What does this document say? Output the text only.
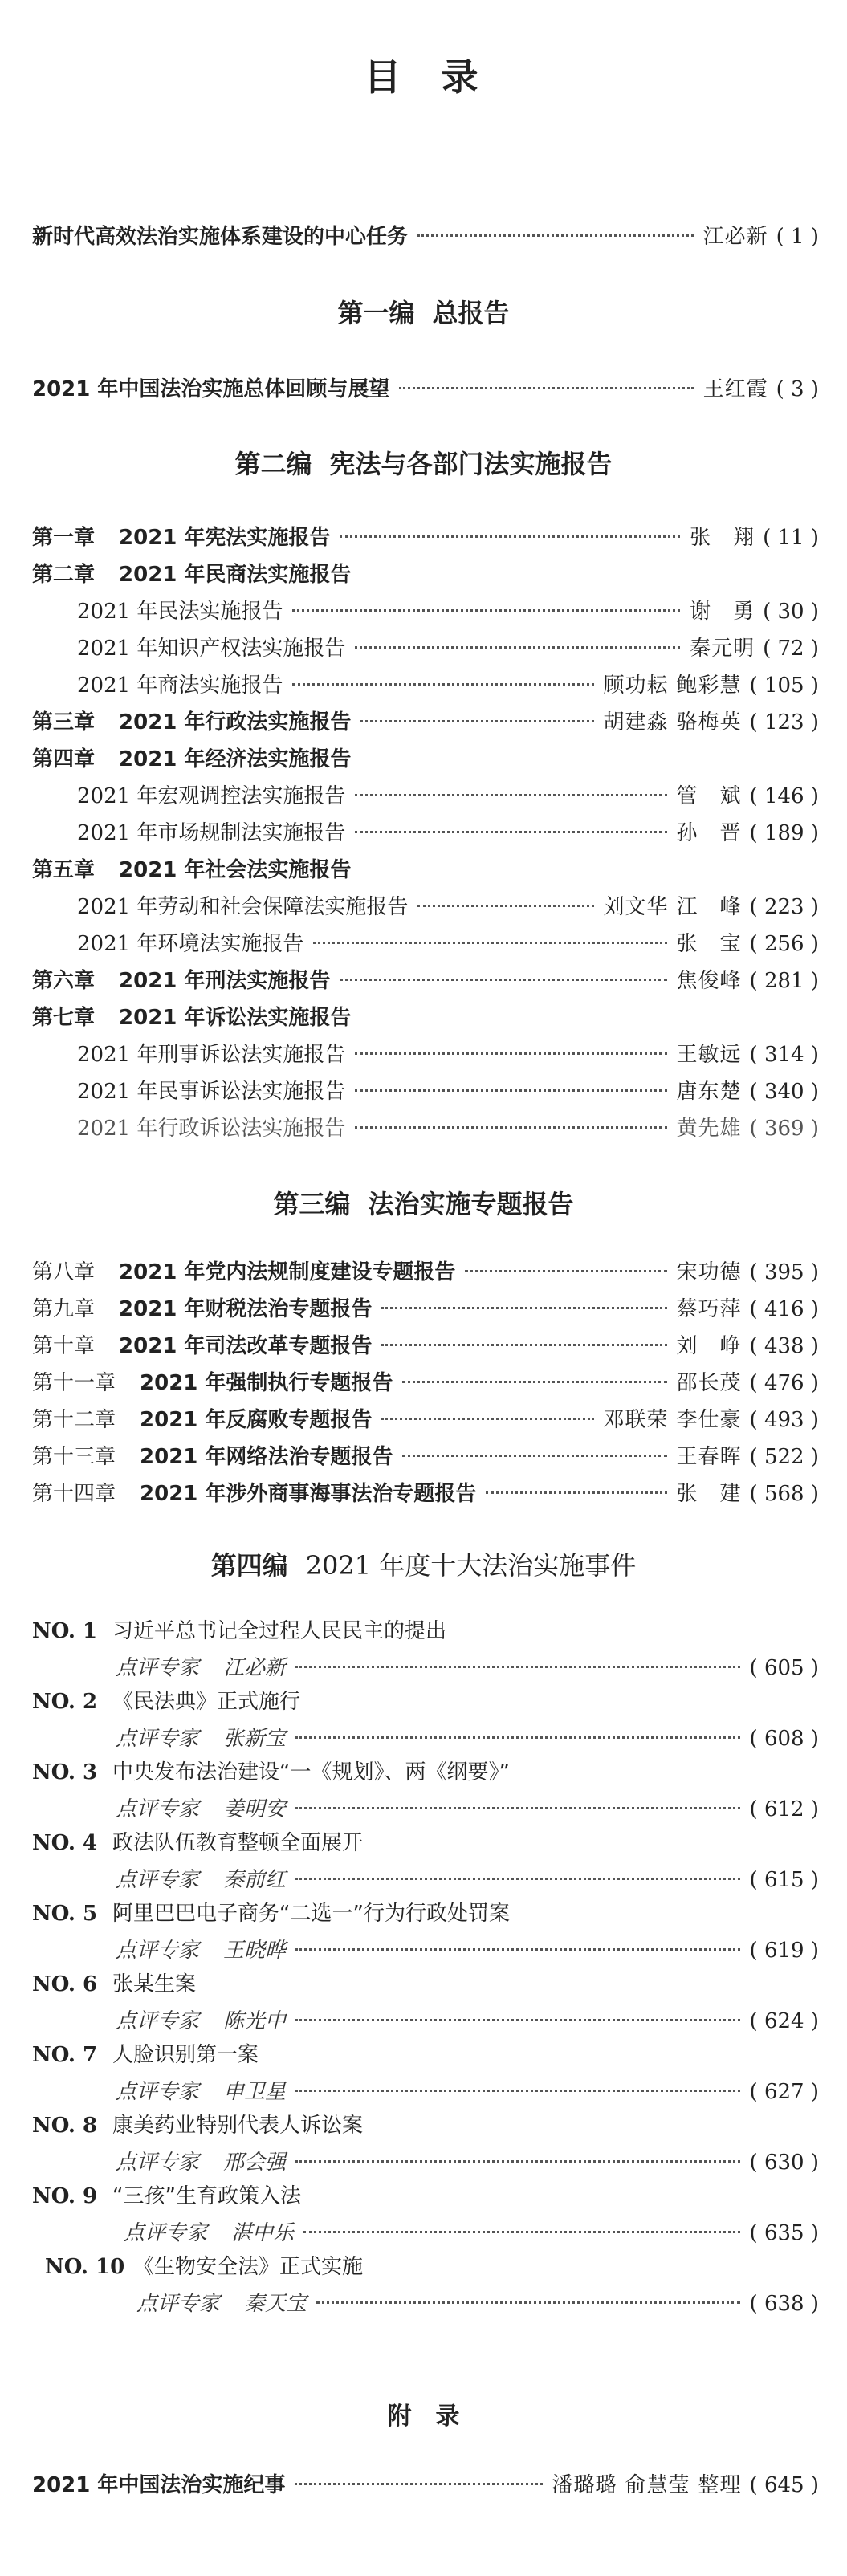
目 录
新时代高效法治实施体系建设的中心任务	江必新 ( 1 )
第一编 总报告
2021 年中国法治实施总体回顾与展望	王红霞 ( 3 )
第二编 宪法与各部门法实施报告
第一章 2021 年宪法实施报告	张　翔 ( 11 )
第二章 2021 年民商法实施报告
2021 年民法实施报告	谢　勇 ( 30 )
2021 年知识产权法实施报告	秦元明 ( 72 )
2021 年商法实施报告	顾功耘 鲍彩慧 ( 105 )
第三章 2021 年行政法实施报告	胡建淼 骆梅英 ( 123 )
第四章 2021 年经济法实施报告
2021 年宏观调控法实施报告	管　斌 ( 146 )
2021 年市场规制法实施报告	孙　晋 ( 189 )
第五章 2021 年社会法实施报告
2021 年劳动和社会保障法实施报告	刘文华 江　峰 ( 223 )
2021 年环境法实施报告	张　宝 ( 256 )
第六章 2021 年刑法实施报告	焦俊峰 ( 281 )
第七章 2021 年诉讼法实施报告
2021 年刑事诉讼法实施报告	王敏远 ( 314 )
2021 年民事诉讼法实施报告	唐东楚 ( 340 )
2021 年行政诉讼法实施报告	黄先雄 ( 369 )
第三编 法治实施专题报告
第八章 2021 年党内法规制度建设专题报告	宋功德 ( 395 )
第九章 2021 年财税法治专题报告	蔡巧萍 ( 416 )
第十章 2021 年司法改革专题报告	刘　峥 ( 438 )
第十一章 2021 年强制执行专题报告	邵长茂 ( 476 )
第十二章 2021 年反腐败专题报告	邓联荣 李仕豪 ( 493 )
第十三章 2021 年网络法治专题报告	王春晖 ( 522 )
第十四章 2021 年涉外商事海事法治专题报告	张　建 ( 568 )
第四编 2021 年度十大法治实施事件
NO. 1 习近平总书记全过程人民民主的提出
点评专家 江必新	( 605 )
NO. 2 《民法典》正式施行
点评专家 张新宝	( 608 )
NO. 3 中央发布法治建设“一《规划》、两《纲要》”
点评专家 姜明安	( 612 )
NO. 4 政法队伍教育整顿全面展开
点评专家 秦前红	( 615 )
NO. 5 阿里巴巴电子商务“二选一”行为行政处罚案
点评专家 王晓晔	( 619 )
NO. 6 张某生案
点评专家 陈光中	( 624 )
NO. 7 人脸识别第一案
点评专家 申卫星	( 627 )
NO. 8 康美药业特别代表人诉讼案
点评专家 邢会强	( 630 )
NO. 9 “三孩”生育政策入法
点评专家 湛中乐	( 635 )
NO. 10 《生物安全法》正式实施
点评专家 秦天宝	( 638 )
附 录
2021 年中国法治实施纪事	潘璐璐 俞慧莹 整理 ( 645 )
